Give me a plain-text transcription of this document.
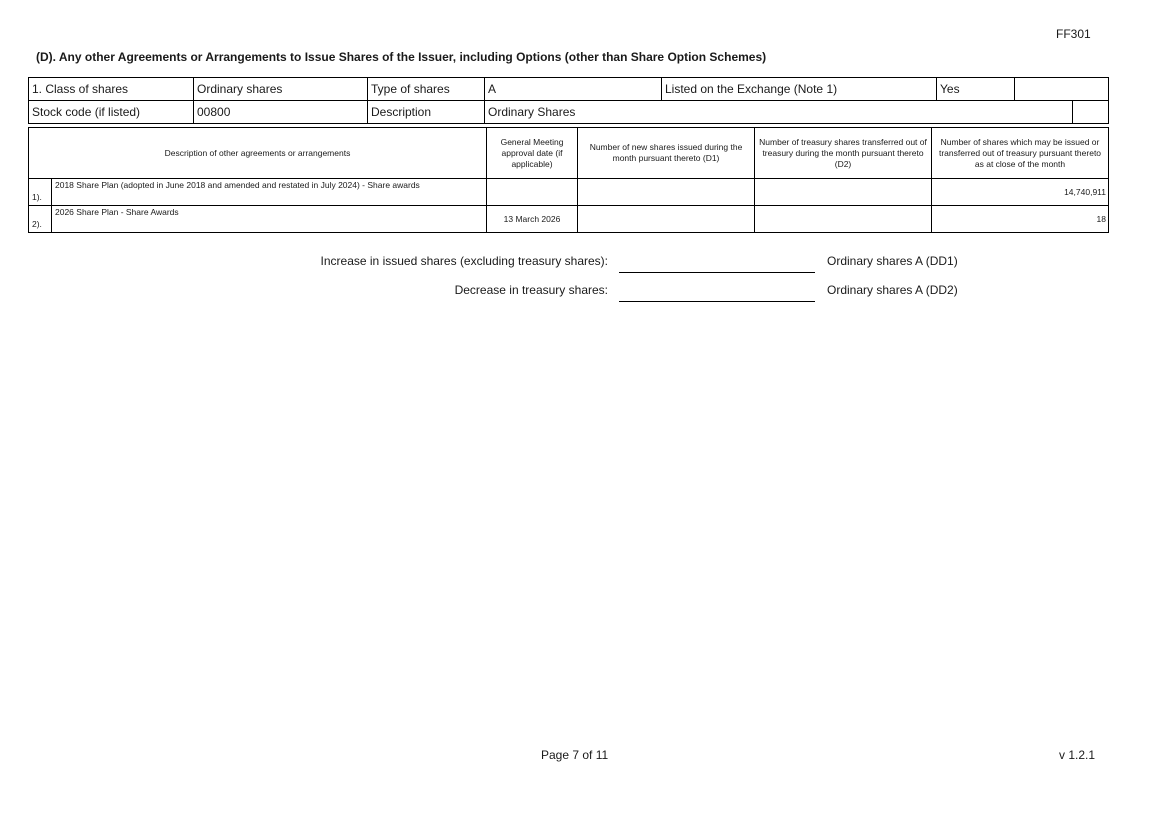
FF301
(D). Any other Agreements or Arrangements to Issue Shares of the Issuer, including Options (other than Share Option Schemes)
1. Class of shares	Ordinary shares	Type of shares	A	Listed on the Exchange (Note 1)	Yes		
Stock code (if listed)	00800	Description	Ordinary Shares				
Description of other agreements or arrangements		General Meeting approval date (if applicable)	Number of new shares issued during the month pursuant thereto (D1)	Number of treasury shares transferred out of treasury during the month pursuant thereto (D2)	Number of shares which may be issued or transferred out of treasury pursuant thereto as at close of the month
1).	2018 Share Plan (adopted in June 2018 and amended and restated in July 2024) - Share awards				14,740,911
2).	2026 Share Plan - Share Awards	13 March 2026			18
Increase in issued shares (excluding treasury shares):	Ordinary shares A (DD1)
Decrease in treasury shares:	Ordinary shares A (DD2)
Page 7 of 11	v 1.2.1
